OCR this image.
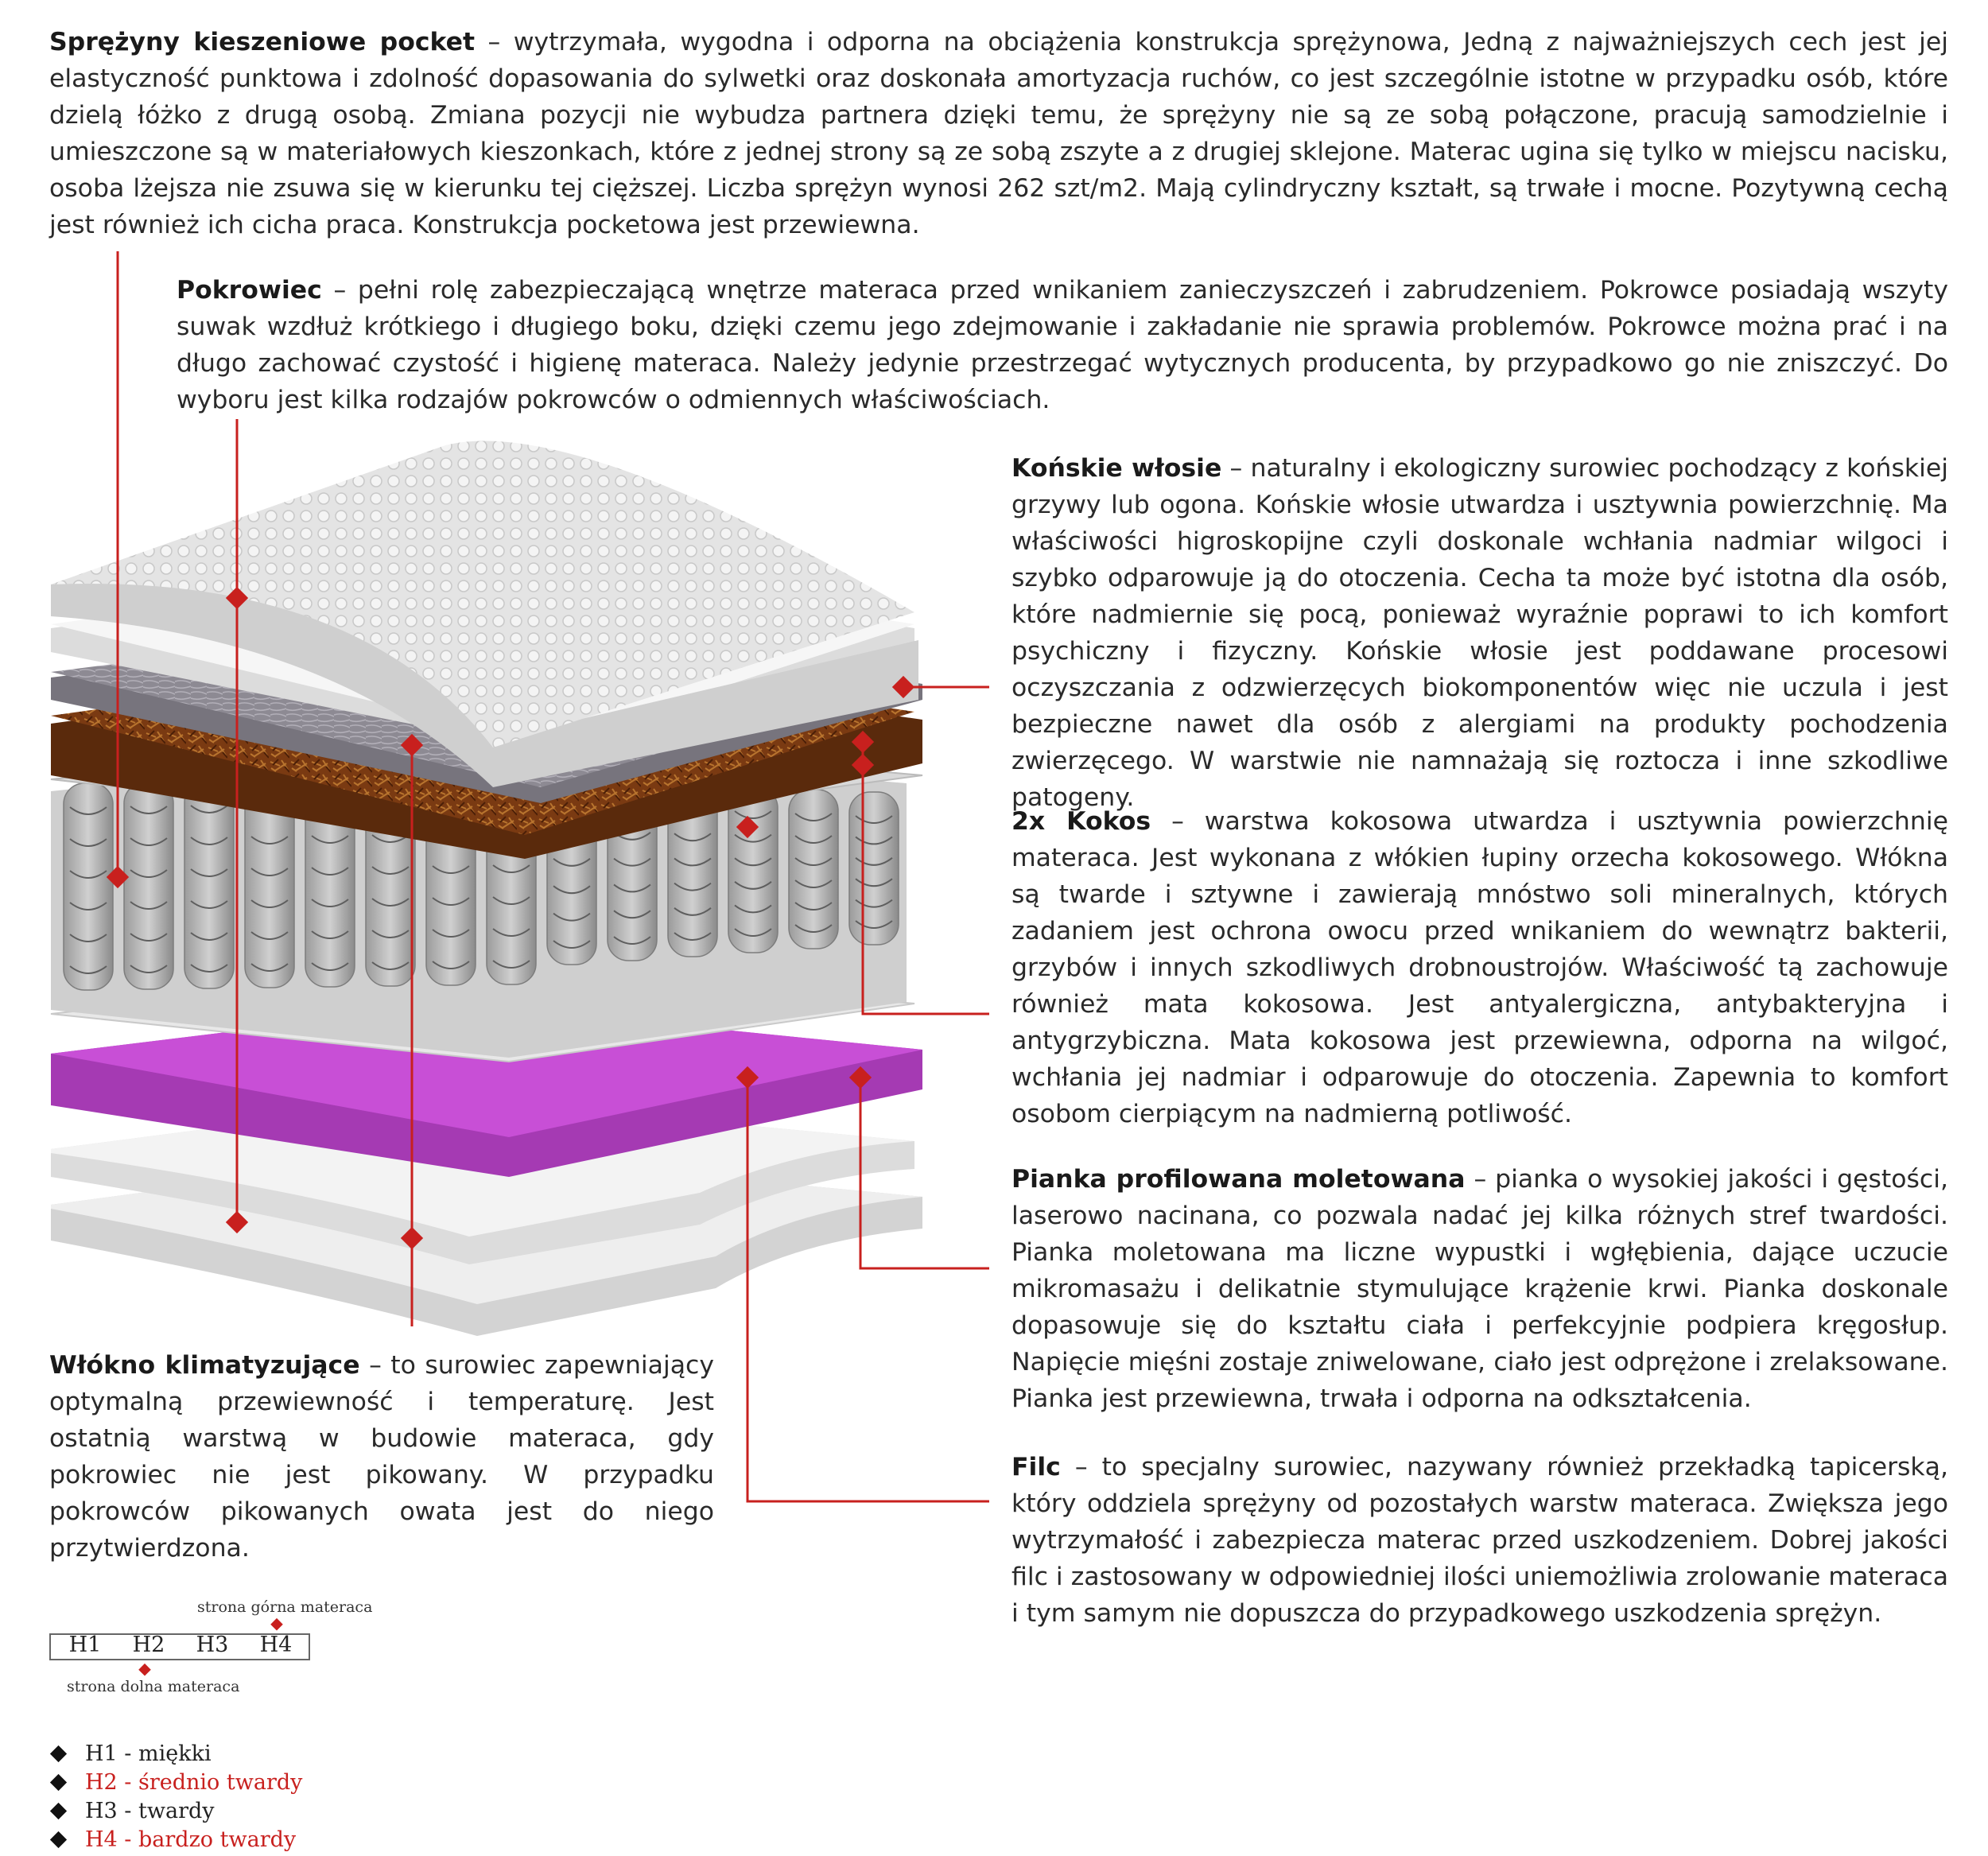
Sprężyny kieszeniowe pocket – wytrzymała, wygodna i odporna na obciążenia konstrukcja sprężynowa, Jedną z najważniejszych cech jest jej elastyczność punktowa i zdolność dopasowania do sylwetki oraz doskonała amortyzacja ruchów, co jest szczególnie istotne w przypadku osób, które dzielą łóżko z drugą osobą. Zmiana pozycji nie wybudza partnera dzięki temu, że sprężyny nie są ze sobą połączone, pracują samodzielnie i umieszczone są w materiałowych kieszonkach, które z jednej strony są ze sobą zszyte a z drugiej sklejone. Materac ugina się tylko w miejscu nacisku, osoba lżejsza nie zsuwa się w kierunku tej cięższej. Liczba sprężyn wynosi 262 szt/m2. Mają cylindryczny kształt, są trwałe i mocne. Pozytywną cechą jest również ich cicha praca. Konstrukcja pocketowa jest przewiewna.

Pokrowiec – pełni rolę zabezpieczającą wnętrze materaca przed wnikaniem zanieczyszczeń i zabrudzeniem. Pokrowce posiadają wszyty suwak wzdłuż krótkiego i długiego boku, dzięki czemu jego zdejmowanie i zakładanie nie sprawia problemów. Pokrowce można prać i na długo zachować czystość i higienę materaca. Należy jedynie przestrzegać wytycznych producenta, by przypadkowo go nie zniszczyć. Do wyboru jest kilka rodzajów pokrowców o odmiennych właściwościach.

Końskie włosie – naturalny i ekologiczny surowiec pochodzący z końskiej grzywy lub ogona. Końskie włosie utwardza i usztywnia powierzchnię. Ma właściwości higroskopijne czyli doskonale wchłania nadmiar wilgoci i szybko odparowuje ją do otoczenia. Cecha ta może być istotna dla osób, które nadmiernie się pocą, ponieważ wyraźnie poprawi to ich komfort psychiczny i fizyczny. Końskie włosie jest poddawane procesowi oczyszczania z odzwierzęcych biokomponentów więc nie uczula i jest bezpieczne nawet dla osób z alergiami na produkty pochodzenia zwierzęcego. W warstwie nie namnażają się roztocza i inne szkodliwe patogeny.

2x Kokos – warstwa kokosowa utwardza i usztywnia powierzchnię materaca. Jest wykonana z włókien łupiny orzecha kokosowego. Włókna są twarde i sztywne i zawierają mnóstwo soli mineralnych, których zadaniem jest ochrona owocu przed wnikaniem do wewnątrz bakterii, grzybów i innych szkodliwych drobnoustrojów. Właściwość tą zachowuje również mata kokosowa. Jest antyalergiczna, antybakteryjna i antygrzybiczna. Mata kokosowa jest przewiewna, odporna na wilgoć, wchłania jej nadmiar i odparowuje do otoczenia. Zapewnia to komfort osobom cierpiącym na nadmierną potliwość.

Pianka profilowana moletowana – pianka o wysokiej jakości i gęstości, laserowo nacinana, co pozwala nadać jej kilka różnych stref twardości. Pianka moletowana ma liczne wypustki i wgłębienia, dające uczucie mikromasażu i delikatnie stymulujące krążenie krwi. Pianka doskonale dopasowuje się do kształtu ciała i perfekcyjnie podpiera kręgosłup. Napięcie mięśni zostaje zniwelowane, ciało jest odprężone i zrelaksowane. Pianka jest przewiewna, trwała i odporna na odkształcenia.

Filc – to specjalny surowiec, nazywany również przekładką tapicerską, który oddziela sprężyny od pozostałych warstw materaca. Zwiększa jego wytrzymałość i zabezpiecza materac przed uszkodzeniem. Dobrej jakości filc i zastosowany w odpowiedniej ilości uniemożliwia zrolowanie materaca i tym samym nie dopuszcza do przypadkowego uszkodzenia sprężyn.

Włókno klimatyzujące – to surowiec zapewniający optymalną przewiewność i temperaturę. Jest ostatnią warstwą w budowie materaca, gdy pokrowiec nie jest pikowany. W przypadku pokrowców pikowanych owata jest do niego przytwierdzona.

strona górna materaca
H1	H2	H3	H4
strona dolna materaca
H1 - miękki
H2 - średnio twardy
H3 - twardy
H4 - bardzo twardy
